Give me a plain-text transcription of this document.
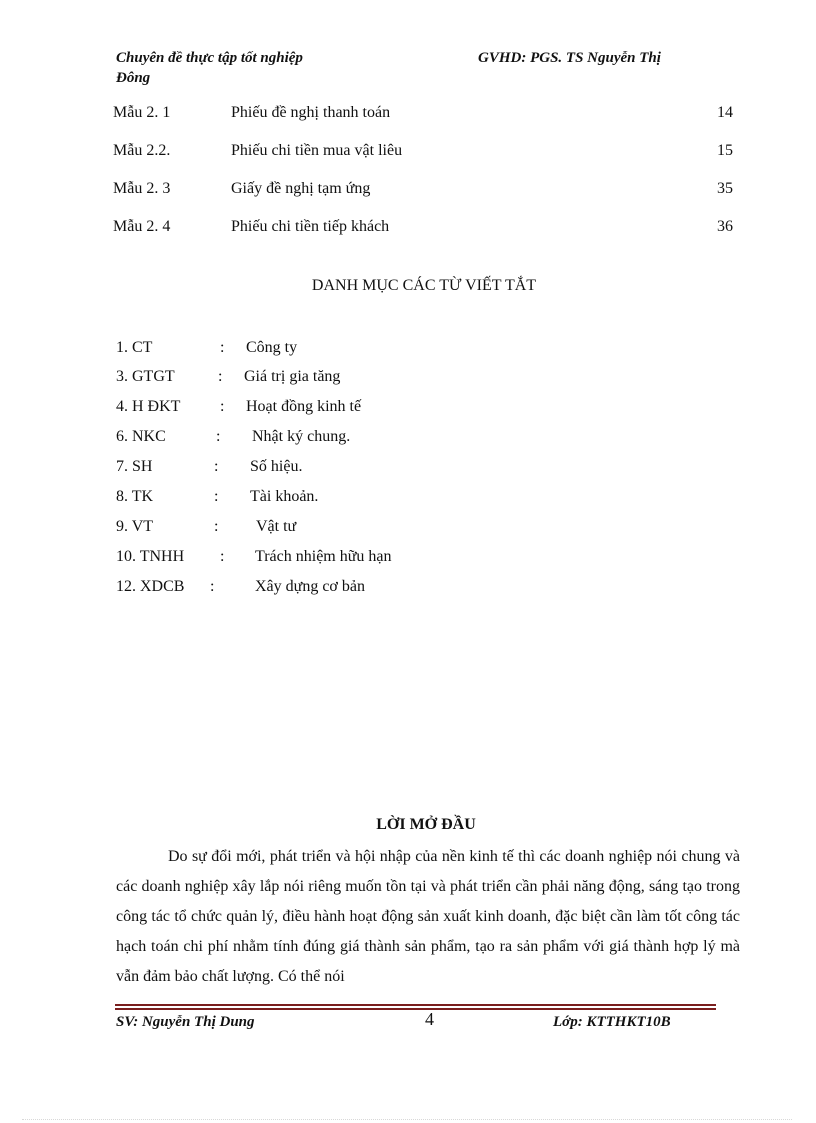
Chuyên đề thực tập tốt nghiệp
Đông
GVHD: PGS. TS Nguyễn Thị
Mẫu 2. 1	Phiếu đề nghị thanh toán	14
Mẫu 2.2.	Phiếu chi tiền mua vật liêu	15
Mẫu 2. 3	Giấy đề nghị tạm ứng	35
Mẫu 2. 4	Phiếu chi tiền tiếp khách	36
DANH MỤC CÁC TỪ VIẾT TẮT
1. CT	: Công ty
3. GTGT	: Giá trị gia tăng
4. H ĐKT : Hoạt đồng kinh tế
6. NKC	: Nhật ký chung.
7. SH	: Số hiệu.
8. TK	: Tài khoản.
9. VT	: Vật tư
10. TNHH : Trách nhiệm hữu hạn
12. XDCB :	Xây dựng cơ bản
LỜI MỞ ĐẦU
Do sự đổi mới, phát triển và hội nhập của nền kinh tế thì các doanh nghiệp nói chung và các doanh nghiệp xây lắp nói riêng muốn tồn tại và phát triển cần phải năng động, sáng tạo trong công tác tổ chức quản lý, điều hành hoạt động sản xuất kinh doanh, đặc biệt cần làm tốt công tác hạch toán chi phí nhằm tính đúng giá thành sản phẩm, tạo ra sản phẩm với giá thành hợp lý mà vẫn đảm bảo chất lượng. Có thể nói
SV: Nguyễn Thị Dung	4	Lớp: KTTHKT10B
